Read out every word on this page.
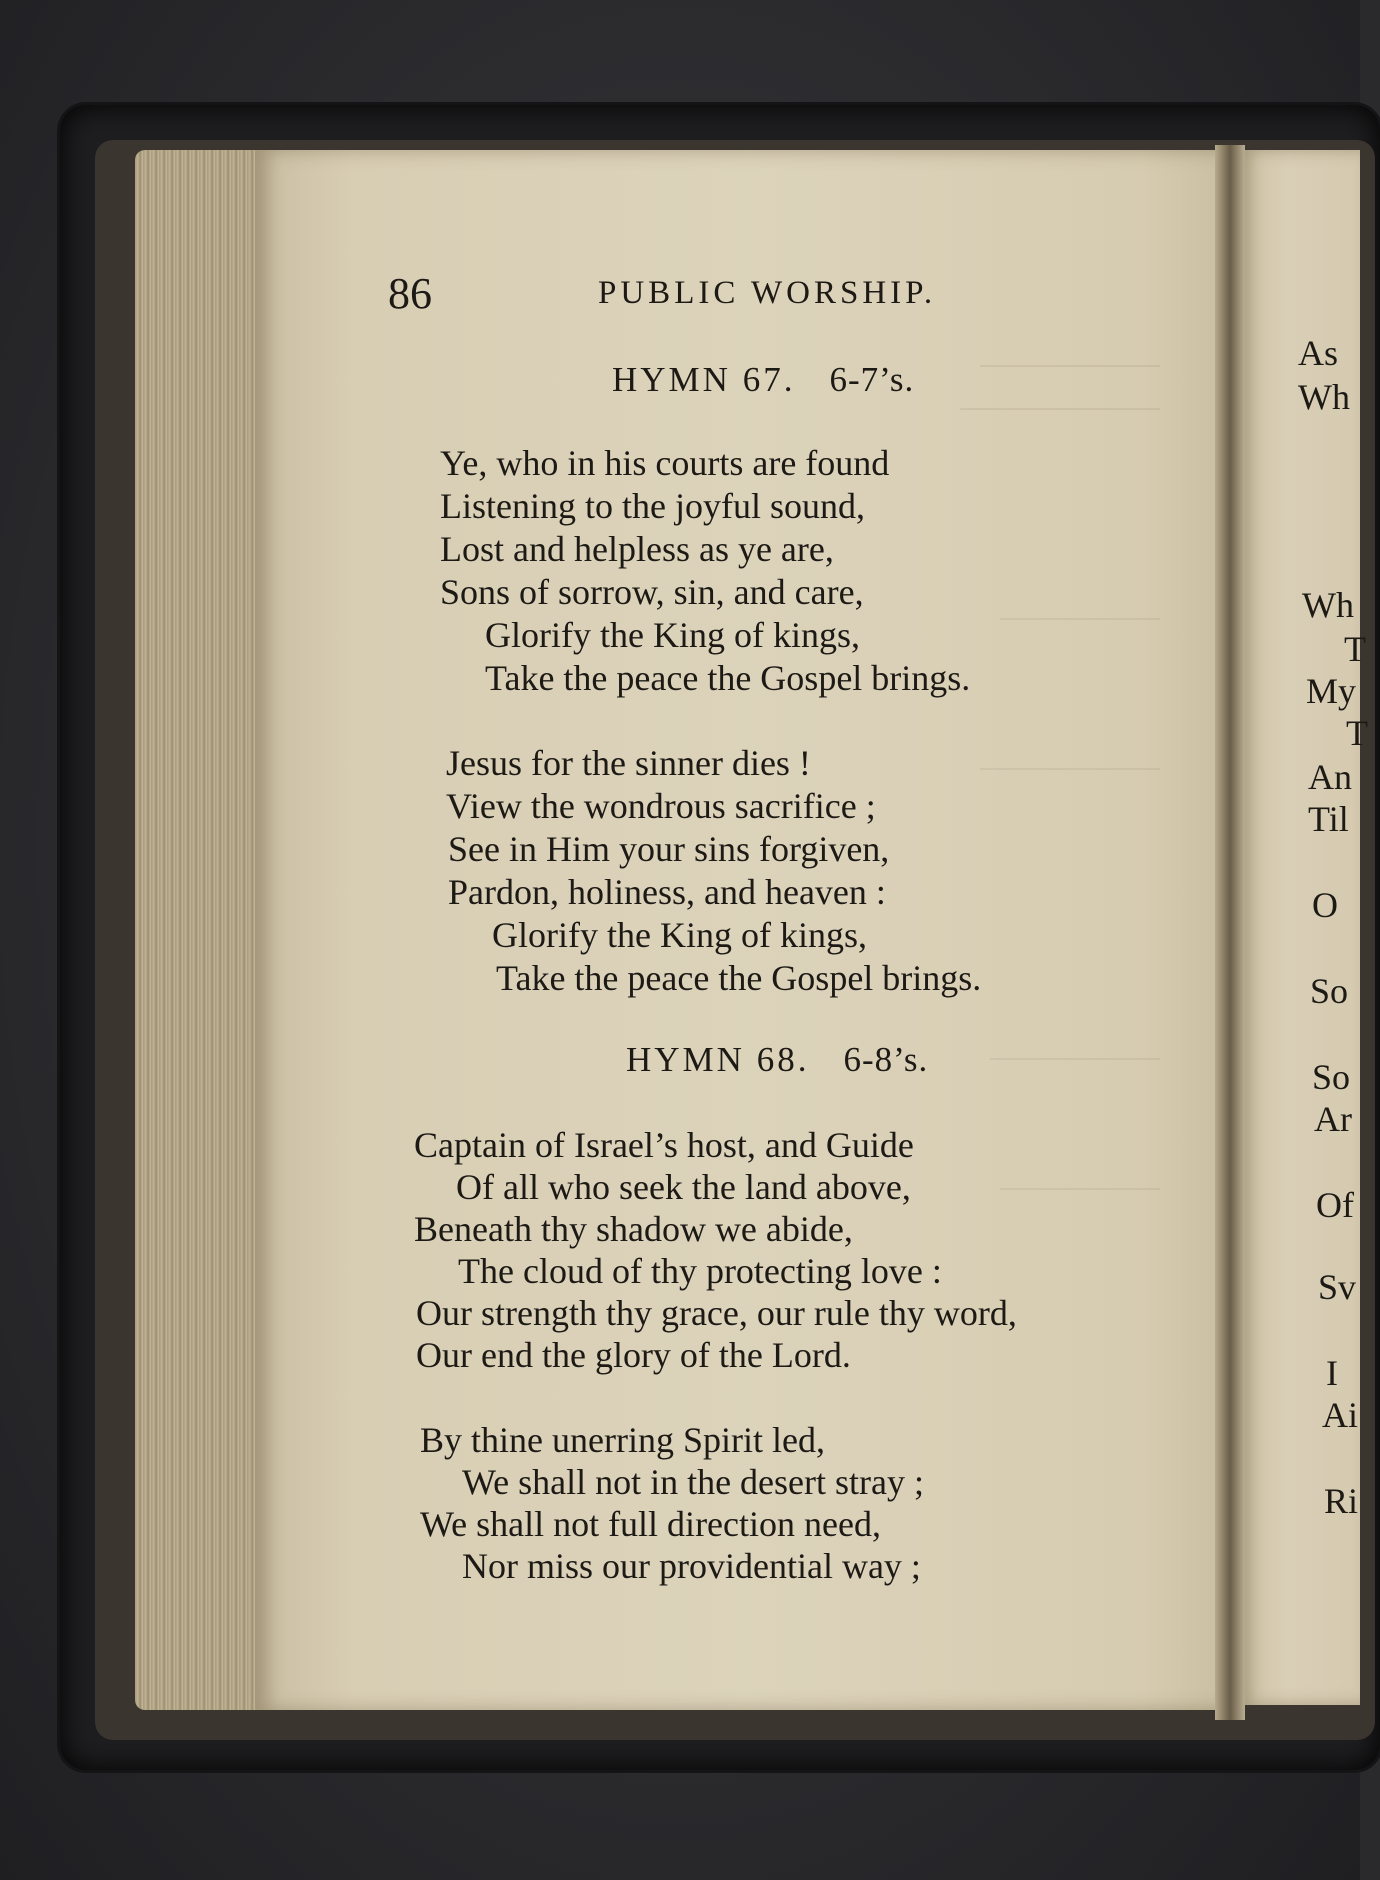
86	PUBLIC WORSHIP.
HYMN 67. 6-7’s.
Ye, who in his courts are found
Listening to the joyful sound,
Lost and helpless as ye are,
Sons of sorrow, sin, and care,
Glorify the King of kings,
Take the peace the Gospel brings.
Jesus for the sinner dies !
View the wondrous sacrifice ;
See in Him your sins forgiven,
Pardon, holiness, and heaven :
Glorify the King of kings,
Take the peace the Gospel brings.
HYMN 68. 6-8’s.
Captain of Israel’s host, and Guide
Of all who seek the land above,
Beneath thy shadow we abide,
The cloud of thy protecting love :
Our strength thy grace, our rule thy word,
Our end the glory of the Lord.
By thine unerring Spirit led,
We shall not in the desert stray ;
We shall not full direction need,
Nor miss our providential way ;
As
Wh
Wh
T
My
T
An
Til
O
So
So
Ar
Of
Sv
I
Ai
Ri
